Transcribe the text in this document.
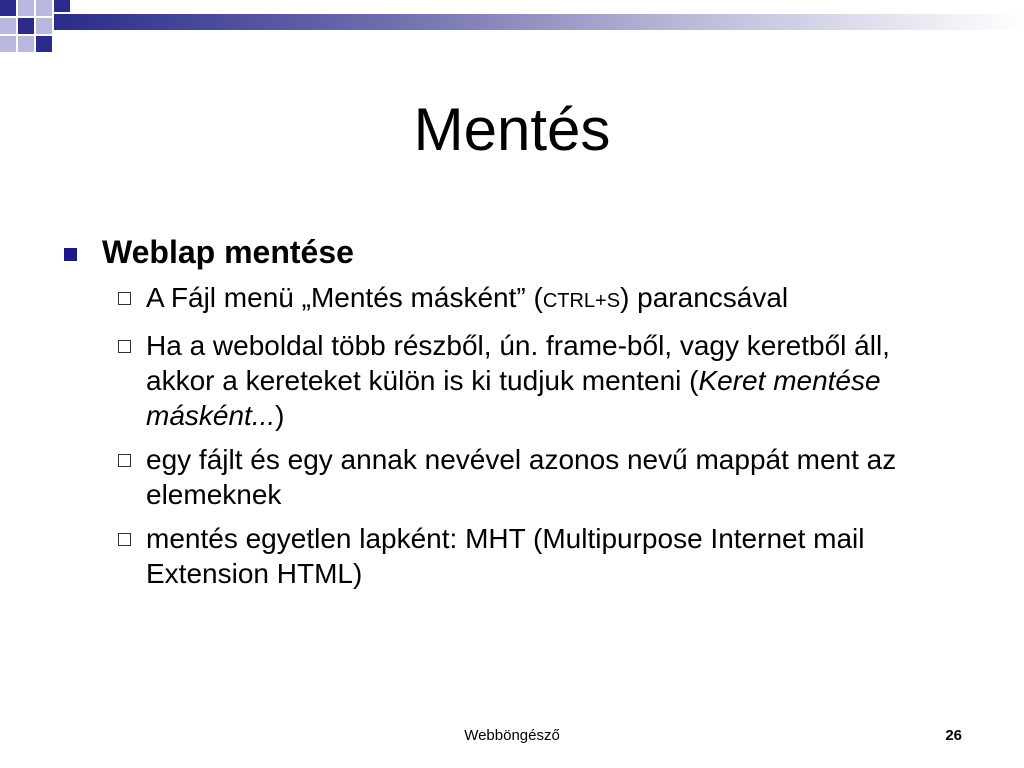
Mentés
Weblap mentése
A Fájl menü „Mentés másként” (CTRL+S) parancsával
Ha a weboldal több részből, ún. frame-ből, vagy keretből áll, akkor a kereteket külön is ki tudjuk menteni (Keret mentése másként...)
egy fájlt és egy annak nevével azonos nevű mappát ment az elemeknek
mentés egyetlen lapként: MHT (Multipurpose Internet mail Extension HTML)
Webböngésző	26
